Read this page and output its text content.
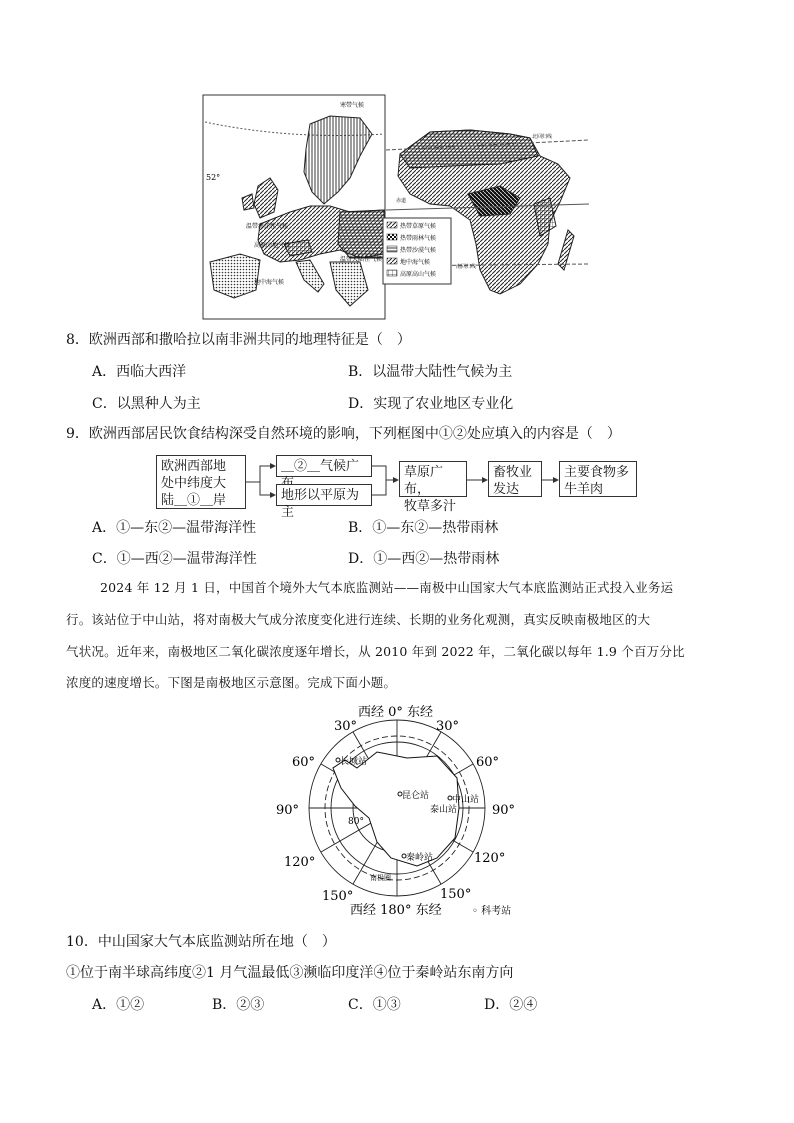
寒带气候
52°
温带海洋性气候
温带大陆性气候
高原山地气候
地中海气候
北回归线
赤道
南回归线
热带草原气候
热带雨林气候
热带沙漠气候
地中海气候
高原高山气候
8．欧洲西部和撒哈拉以南非洲共同的地理特征是（　）
A．西临大西洋	B．以温带大陆性气候为主
C．以黑种人为主	D．实现了农业地区专业化
9．欧洲西部居民饮食结构深受自然环境的影响，下列框图中①②处应填入的内容是（　）
欧洲西部地
处中纬度大
陆＿①＿岸
＿②＿气候广
地形以平原为主
草原广布，
牧草多汁
畜牧业
发达
主要食物多
牛羊肉
A．①—东②—温带海洋性	B．①—东②—热带雨林
C．①—西②—温带海洋性	D．①—西②—热带雨林
2024 年 12 月 1 日，中国首个境外大气本底监测站——南极中山国家大气本底监测站正式投入业务运
行。该站位于中山站，将对南极大气成分浓度变化进行连续、长期的业务化观测，真实反映南极地区的大
气状况。近年来，南极地区二氧化碳浓度逐年增长，从 2010 年到 2022 年，二氧化碳以每年 1.9 个百万分比
浓度的速度增长。下图是南极地区示意图。完成下面小题。
西经 0° 东经
西经 180° 东经
30°	30°
60°	60°
90°	90°
120°	120°
150°	150°
80°
长城站
昆仑站	中山站
泰山站
秦岭站
南极圈
◦ 科考站
10．中山国家大气本底监测站所在地（　）
①位于南半球高纬度②1 月气温最低③濒临印度洋④位于秦岭站东南方向
A．①②	B．②③	C．①③	D．②④
